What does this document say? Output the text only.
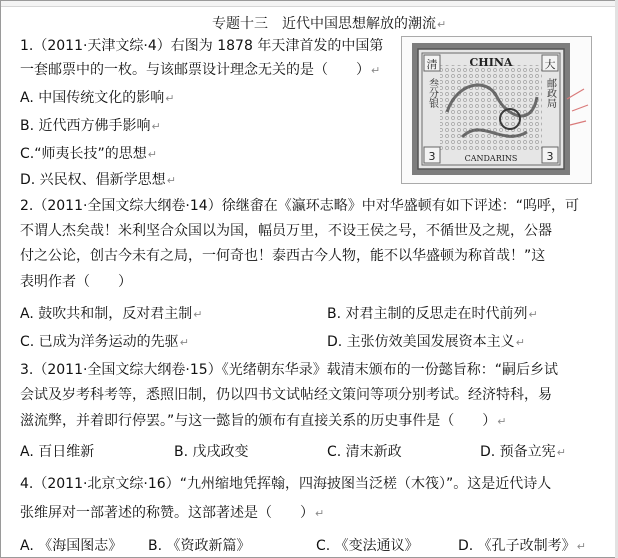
专题十三　近代中国思想解放的潮流↵
1.（2011·天津文综·4）右图为 1878 年天津首发的中国第
一套邮票中的一枚。与该邮票设计理念无关的是（　　）↵
A. 中国传统文化的影响↵
B. 近代西方佛手影响↵
C.“师夷长技”的思想↵
D. 兴民权、倡新学思想↵
清	大
CHINA
叁分银	邮政局
3	3
CANDARINS
2.（2011·全国文综大纲卷·14）徐继畬在《瀛环志略》中对华盛顿有如下评述：“呜呼，可
不谓人杰矣哉！米利坚合众国以为国，幅员万里，不设王侯之号，不循世及之规，公器
付之公论，创古今未有之局，一何奇也！泰西古今人物，能不以华盛顿为称首哉！”这
表明作者（　　）
A. 鼓吹共和制，反对君主制↵	B. 对君主制的反思走在时代前列↵
C. 已成为洋务运动的先驱↵	D. 主张仿效美国发展资本主义↵
3.（2011·全国文综大纲卷·15）《光绪朝东华录》载清末颁布的一份懿旨称：“嗣后乡试
会试及岁考科考等，悉照旧制，仍以四书文试帖经文策问等项分别考试。经济特科，易
滋流弊，并着即行停罢。”与这一懿旨的颁布有直接关系的历史事件是（　　）↵
A. 百日维新	B. 戊戌政变	C. 清末新政	D. 预备立宪↵
4.（2011·北京文综·16）“九州缩地凭挥翰，四海披图当泛槎（木筏）”。这是近代诗人
张维屏对一部著述的称赞。这部著述是（　　）↵
A. 《海国图志》 B. 《资政新篇》	C. 《变法通议》	D. 《孔子改制考》↵
